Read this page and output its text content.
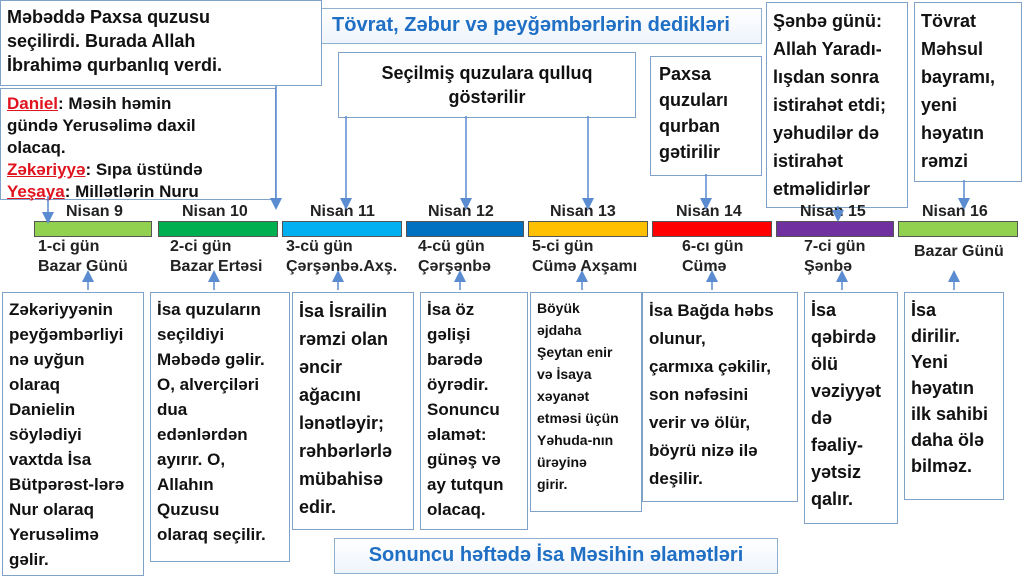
Tövrat, Zəbur və peyğəmbərlərin dedikləri
Sonuncu həftədə İsa Məsihin əlamətləri
Məbəddə Paxsa quzusu
seçilirdi. Burada Allah
İbrahimə qurbanlıq verdi.
Daniel: Məsih həmin
gündə Yerusəlimə daxil
olacaq.
Zəkəriyyə: Sıpa üstündə
Yeşaya: Millətlərin Nuru
Seçilmiş quzulara qulluq
göstərilir
Paxsa
quzuları
qurban
gətirilir
Şənbə günü:
Allah Yaradı-
lışdan sonra
istirahət etdi;
yəhudilər də
istirahət
etməlidirlər
Tövrat
Məhsul
bayramı,
yeni
həyatın
rəmzi
Nisan 9	Nisan 10	Nisan 11	Nisan 12	Nisan 13	Nisan 14	Nisan 15	Nisan 16
1-ci gün
Bazar Günü
2-ci gün
Bazar Ertəsi
3-cü gün
Çərşənbə.Axş.
4-cü gün
Çərşənbə
5-ci gün
Cümə Axşamı
6-cı gün
Cümə
7-ci gün
Şənbə
Bazar Günü
Zəkəriyyənin
peyğəmbərliyi
nə uyğun
olaraq
Danielin
söylədiyi
vaxtda İsa
Bütpərəst-lərə
Nur olaraq
Yerusəlimə
gəlir.
İsa quzuların
seçildiyi
Məbədə gəlir.
O, alverçiləri
dua
edənlərdən
ayırır. O,
Allahın
Quzusu
olaraq seçilir.
İsa İsrailin
rəmzi olan
əncir
ağacını
lənətləyir;
rəhbərlərlə
mübahisə
edir.
İsa öz
gəlişi
barədə
öyrədir.
Sonuncu
əlamət:
günəş və
ay tutqun
olacaq.
Böyük
əjdaha
Şeytan enir
və İsaya
xəyanət
etməsi üçün
Yəhuda-nın
ürəyinə
girir.
İsa Bağda həbs
olunur,
çarmıxa çəkilir,
son nəfəsini
verir və ölür,
böyrü nizə ilə
deşilir.
İsa
qəbirdə
ölü
vəziyyət
də
fəaliy-
yətsiz
qalır.
İsa
dirilir.
Yeni
həyatın
ilk sahibi
daha ölə
bilməz.
